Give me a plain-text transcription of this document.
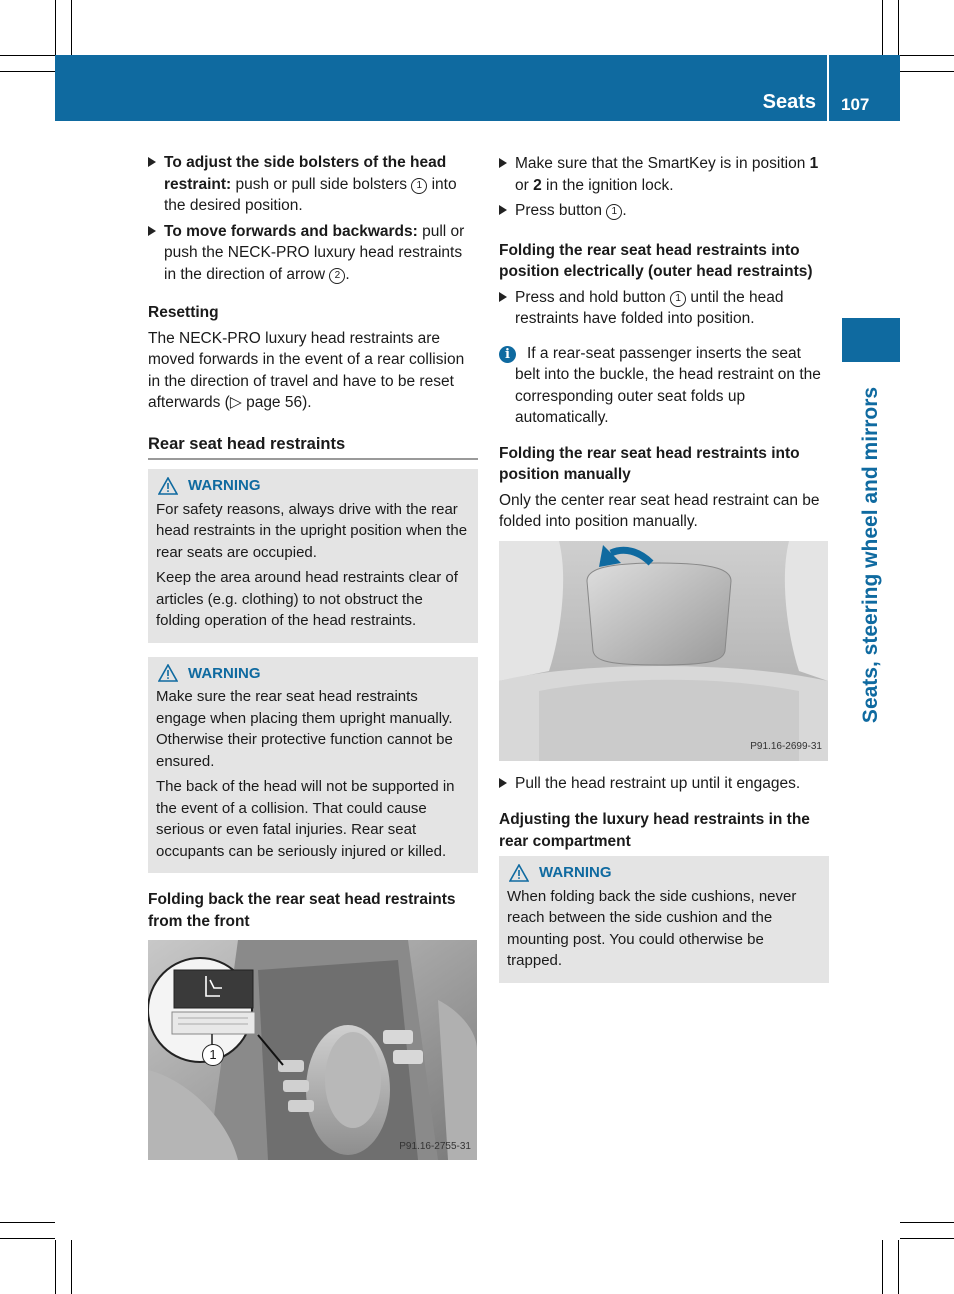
Seats 107
Seats, steering wheel and mirrors
To adjust the side bolsters of the head restraint: push or pull side bolsters 1 into the desired position.
To move forwards and backwards: pull or push the NECK-PRO luxury head restraints in the direction of arrow 2 .
Resetting
The NECK-PRO luxury head restraints are moved forwards in the event of a rear collision in the direction of travel and have to be reset afterwards (▷ page 56).
Rear seat head restraints
WARNING

For safety reasons, always drive with the rear head restraints in the upright position when the rear seats are occupied.

Keep the area around head restraints clear of articles (e.g. clothing) to not obstruct the folding operation of the head restraints.

WARNING

Make sure the rear seat head restraints engage when placing them upright manually. Otherwise their protective function cannot be ensured.

The back of the head will not be supported in the event of a collision. That could cause serious or even fatal injuries. Rear seat occupants can be seriously injured or killed.

Folding back the rear seat head restraints from the front
1
P91.16-2755-31
Make sure that the SmartKey is in position 1 or 2 in the ignition lock.
Press button 1 .
Folding the rear seat head restraints into position electrically (outer head restraints)
Press and hold button 1 until the head restraints have folded into position.
i	If a rear-seat passenger inserts the seat belt into the buckle, the head restraint on the corresponding outer seat folds up automatically.
Folding the rear seat head restraints into position manually
Only the center rear seat head restraint can be folded into position manually.
P91.16-2699-31
Pull the head restraint up until it engages.
Adjusting the luxury head restraints in the rear compartment
WARNING

When folding back the side cushions, never reach between the side cushion and the mounting post. You could otherwise be trapped.
